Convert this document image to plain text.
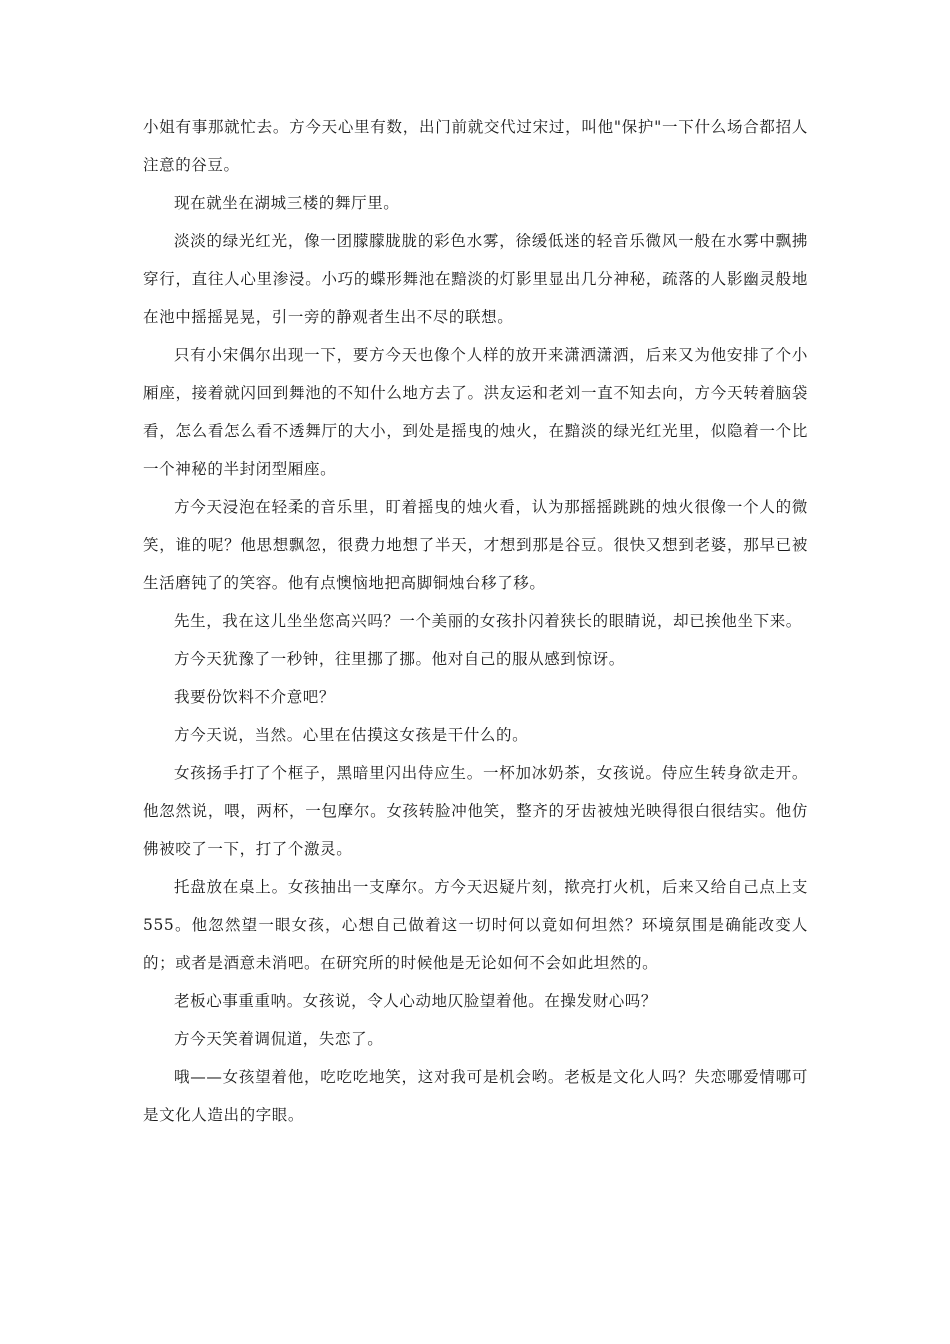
小姐有事那就忙去。方今天心里有数，出门前就交代过宋过，叫他"保护"一下什么场合都招人注意的谷豆。

现在就坐在湖城三楼的舞厅里。

淡淡的绿光红光，像一团朦朦胧胧的彩色水雾，徐缓低迷的轻音乐微风一般在水雾中飘拂穿行，直往人心里渗浸。小巧的蝶形舞池在黯淡的灯影里显出几分神秘，疏落的人影幽灵般地在池中摇摇晃晃，引一旁的静观者生出不尽的联想。

只有小宋偶尔出现一下，要方今天也像个人样的放开来潇洒潇洒，后来又为他安排了个小厢座，接着就闪回到舞池的不知什么地方去了。洪友运和老刘一直不知去向，方今天转着脑袋看，怎么看怎么看不透舞厅的大小，到处是摇曳的烛火，在黯淡的绿光红光里，似隐着一个比一个神秘的半封闭型厢座。

方今天浸泡在轻柔的音乐里，盯着摇曳的烛火看，认为那摇摇跳跳的烛火很像一个人的微笑，谁的呢？他思想飘忽，很费力地想了半天，才想到那是谷豆。很快又想到老婆，那早已被生活磨钝了的笑容。他有点懊恼地把高脚铜烛台移了移。

先生，我在这儿坐坐您高兴吗？一个美丽的女孩扑闪着狭长的眼睛说，却已挨他坐下来。

方今天犹豫了一秒钟，往里挪了挪。他对自己的服从感到惊讶。

我要份饮料不介意吧？

方今天说，当然。心里在估摸这女孩是干什么的。

女孩扬手打了个框子，黑暗里闪出侍应生。一杯加冰奶茶，女孩说。侍应生转身欲走开。他忽然说，喂，两杯，一包摩尔。女孩转脸冲他笑，整齐的牙齿被烛光映得很白很结实。他仿佛被咬了一下，打了个激灵。

托盘放在桌上。女孩抽出一支摩尔。方今天迟疑片刻，揿亮打火机，后来又给自己点上支555。他忽然望一眼女孩，心想自己做着这一切时何以竟如何坦然？环境氛围是确能改变人的；或者是酒意未消吧。在研究所的时候他是无论如何不会如此坦然的。

老板心事重重呐。女孩说，令人心动地仄脸望着他。在操发财心吗？

方今天笑着调侃道，失恋了。

哦——女孩望着他，吃吃吃地笑，这对我可是机会哟。老板是文化人吗？失恋哪爱情哪可是文化人造出的字眼。
